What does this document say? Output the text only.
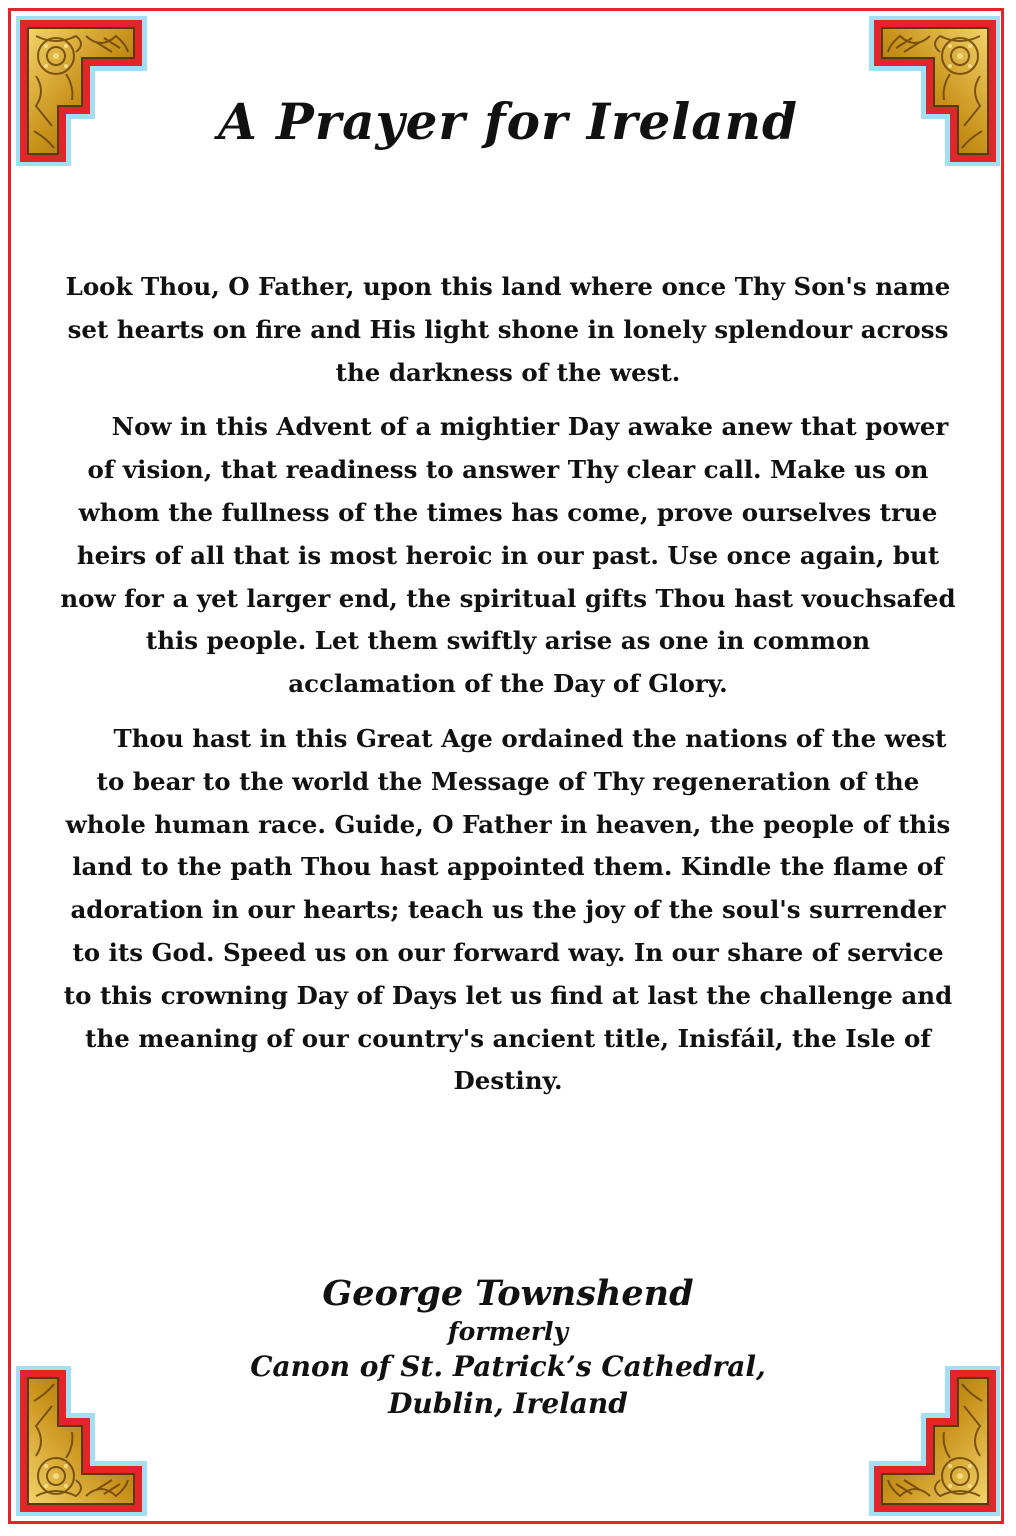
A Prayer for Ireland

Look Thou, O Father, upon this land where once Thy Son's name set hearts on fire and His light shone in lonely splendour across the darkness of the west.

Now in this Advent of a mightier Day awake anew that power of vision, that readiness to answer Thy clear call. Make us on whom the fullness of the times has come, prove ourselves true heirs of all that is most heroic in our past. Use once again, but now for a yet larger end, the spiritual gifts Thou hast vouchsafed this people. Let them swiftly arise as one in common acclamation of the Day of Glory.

Thou hast in this Great Age ordained the nations of the west to bear to the world the Message of Thy regeneration of the whole human race. Guide, O Father in heaven, the people of this land to the path Thou hast appointed them. Kindle the flame of adoration in our hearts; teach us the joy of the soul's surrender to its God. Speed us on our forward way. In our share of service to this crowning Day of Days let us find at last the challenge and the meaning of our country's ancient title, Inisfáil, the Isle of Destiny.

George Townshend
formerly
Canon of St. Patrick’s Cathedral,
Dublin, Ireland
